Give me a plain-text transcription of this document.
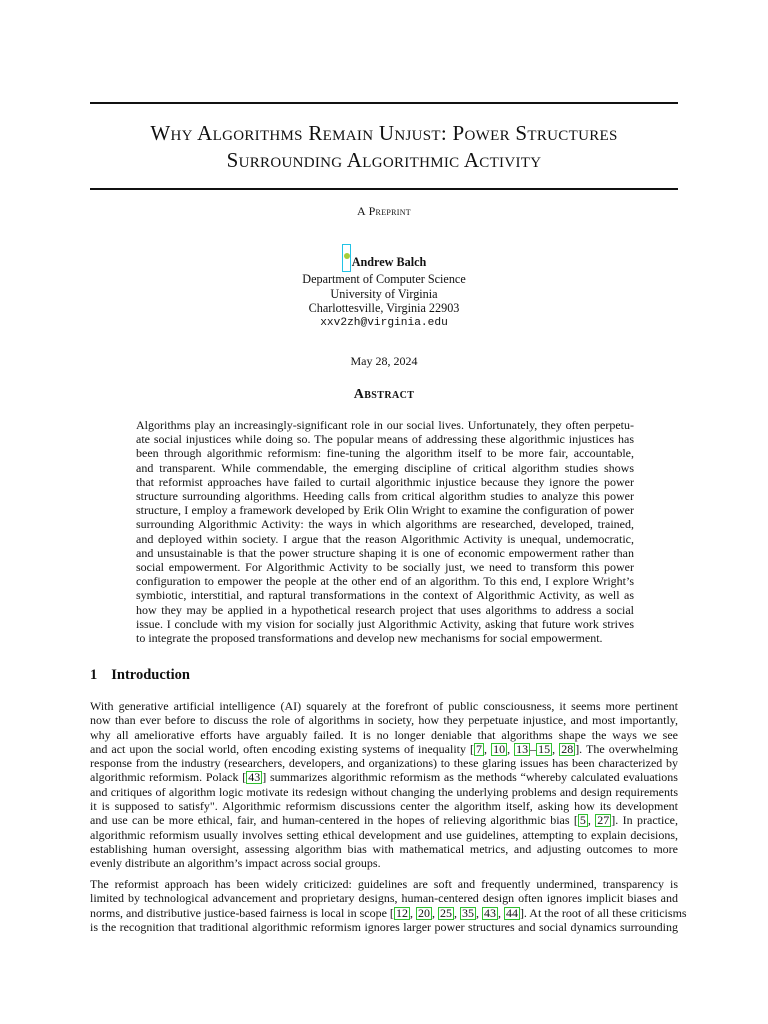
Why Algorithms Remain Unjust: Power Structures
Surrounding Algorithmic Activity
A Preprint
Andrew Balch
Department of Computer Science
University of Virginia
Charlottesville, Virginia 22903
xxv2zh@virginia.edu
May 28, 2024
Abstract
Algorithms play an increasingly-significant role in our social lives. Unfortunately, they often perpetu-
ate social injustices while doing so. The popular means of addressing these algorithmic injustices has
been through algorithmic reformism: fine-tuning the algorithm itself to be more fair, accountable,
and transparent. While commendable, the emerging discipline of critical algorithm studies shows
that reformist approaches have failed to curtail algorithmic injustice because they ignore the power
structure surrounding algorithms. Heeding calls from critical algorithm studies to analyze this power
structure, I employ a framework developed by Erik Olin Wright to examine the configuration of power
surrounding Algorithmic Activity: the ways in which algorithms are researched, developed, trained,
and deployed within society. I argue that the reason Algorithmic Activity is unequal, undemocratic,
and unsustainable is that the power structure shaping it is one of economic empowerment rather than
social empowerment. For Algorithmic Activity to be socially just, we need to transform this power
configuration to empower the people at the other end of an algorithm. To this end, I explore Wright’s
symbiotic, interstitial, and raptural transformations in the context of Algorithmic Activity, as well as
how they may be applied in a hypothetical research project that uses algorithms to address a social
issue. I conclude with my vision for socially just Algorithmic Activity, asking that future work strives
to integrate the proposed transformations and develop new mechanisms for social empowerment.
1 Introduction
With generative artificial intelligence (AI) squarely at the forefront of public consciousness, it seems more pertinent
now than ever before to discuss the role of algorithms in society, how they perpetuate injustice, and most importantly,
why all ameliorative efforts have arguably failed. It is no longer deniable that algorithms shape the ways we see
and act upon the social world, often encoding existing systems of inequality [ 7 , 10 , 13 – 15 , 28 ]. The overwhelming
response from the industry (researchers, developers, and organizations) to these glaring issues has been characterized by
algorithmic reformism. Polack [ 43 ] summarizes algorithmic reformism as the methods “whereby calculated evaluations
and critiques of algorithm logic motivate its redesign without changing the underlying problems and design requirements
it is supposed to satisfy". Algorithmic reformism discussions center the algorithm itself, asking how its development
and use can be more ethical, fair, and human-centered in the hopes of relieving algorithmic bias [ 5 , 27 ]. In practice,
algorithmic reformism usually involves setting ethical development and use guidelines, attempting to explain decisions,
establishing human oversight, assessing algorithm bias with mathematical metrics, and adjusting outcomes to more
evenly distribute an algorithm’s impact across social groups.
The reformist approach has been widely criticized: guidelines are soft and frequently undermined, transparency is
limited by technological advancement and proprietary designs, human-centered design often ignores implicit biases and
norms, and distributive justice-based fairness is local in scope [ 12 , 20 , 25 , 35 , 43 , 44 ]. At the root of all these criticisms
is the recognition that traditional algorithmic reformism ignores larger power structures and social dynamics surrounding
